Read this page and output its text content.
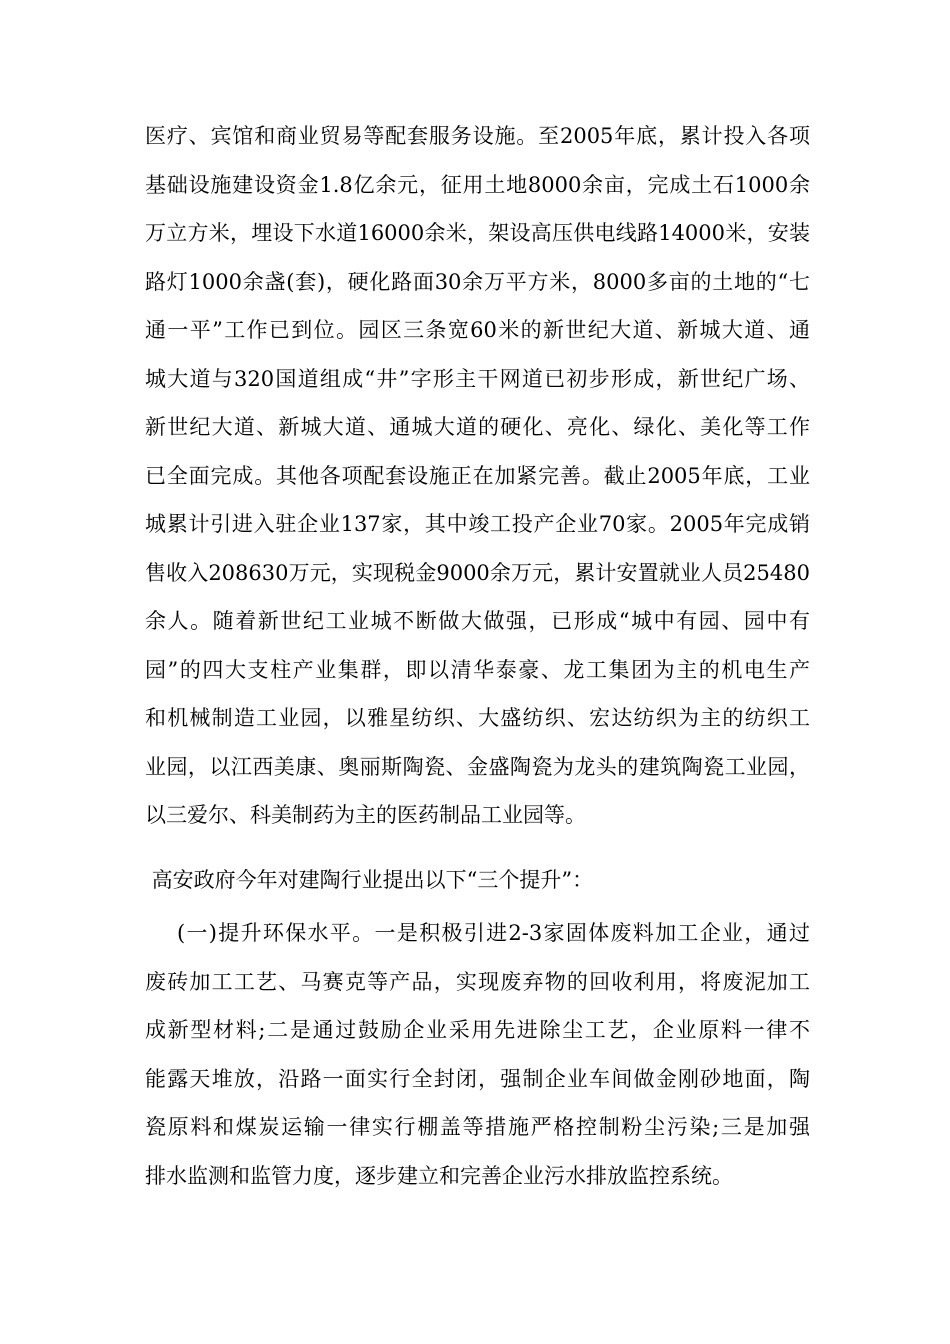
医疗、宾馆和商业贸易等配套服务设施。至2005年底，累计投入各项
基础设施建设资金1.8亿余元，征用土地8000余亩，完成土石1000余
万立方米，埋设下水道16000余米，架设高压供电线路14000米，安装
路灯1000余盏(套)，硬化路面30余万平方米，8000多亩的土地的“七
通一平”工作已到位。园区三条宽60米的新世纪大道、新城大道、通
城大道与320国道组成“井”字形主干网道已初步形成，新世纪广场、
新世纪大道、新城大道、通城大道的硬化、亮化、绿化、美化等工作
已全面完成。其他各项配套设施正在加紧完善。截止2005年底，工业
城累计引进入驻企业137家，其中竣工投产企业70家。2005年完成销
售收入208630万元，实现税金9000余万元，累计安置就业人员25480
余人。随着新世纪工业城不断做大做强，已形成“城中有园、园中有
园”的四大支柱产业集群，即以清华泰豪、龙工集团为主的机电生产
和机械制造工业园，以雅星纺织、大盛纺织、宏达纺织为主的纺织工
业园，以江西美康、奥丽斯陶瓷、金盛陶瓷为龙头的建筑陶瓷工业园，
以三爱尔、科美制药为主的医药制品工业园等。
高安政府今年对建陶行业提出以下“三个提升”：
(一)提升环保水平。一是积极引进2-3家固体废料加工企业，通过
废砖加工工艺、马赛克等产品，实现废弃物的回收利用，将废泥加工
成新型材料;二是通过鼓励企业采用先进除尘工艺，企业原料一律不
能露天堆放，沿路一面实行全封闭，强制企业车间做金刚砂地面，陶
瓷原料和煤炭运输一律实行棚盖等措施严格控制粉尘污染;三是加强
排水监测和监管力度，逐步建立和完善企业污水排放监控系统。
